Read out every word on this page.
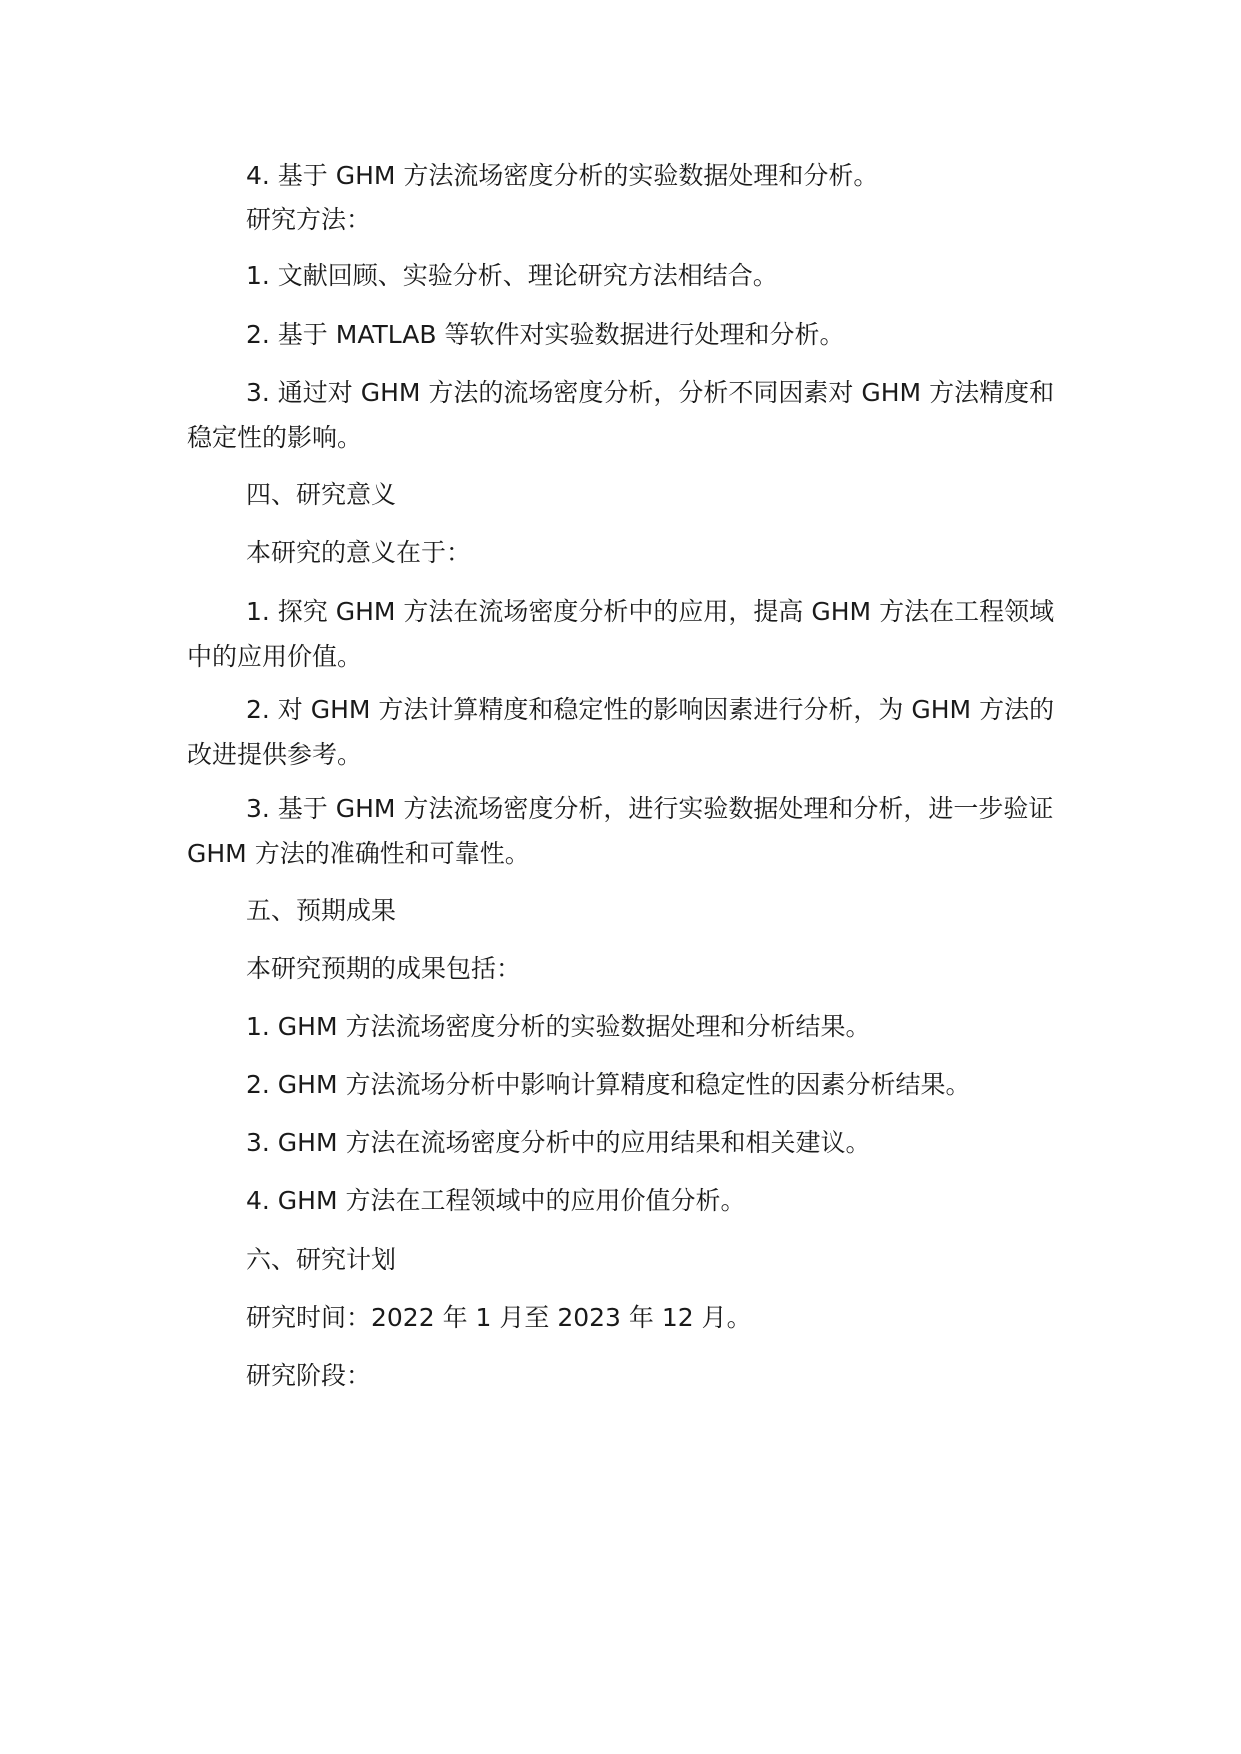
4. 基于 GHM 方法流场密度分析的实验数据处理和分析。

研究方法：

1. 文献回顾、实验分析、理论研究方法相结合。

2. 基于 MATLAB 等软件对实验数据进行处理和分析。

3. 通过对 GHM 方法的流场密度分析，分析不同因素对 GHM 方法精度和稳定性的影响。

四、研究意义

本研究的意义在于：

1. 探究 GHM 方法在流场密度分析中的应用，提高 GHM 方法在工程领域中的应用价值。

2. 对 GHM 方法计算精度和稳定性的影响因素进行分析，为 GHM 方法的改进提供参考。

3. 基于 GHM 方法流场密度分析，进行实验数据处理和分析，进一步验证 GHM 方法的准确性和可靠性。

五、预期成果

本研究预期的成果包括：

1. GHM 方法流场密度分析的实验数据处理和分析结果。

2. GHM 方法流场分析中影响计算精度和稳定性的因素分析结果。

3. GHM 方法在流场密度分析中的应用结果和相关建议。

4. GHM 方法在工程领域中的应用价值分析。

六、研究计划

研究时间：2022 年 1 月至 2023 年 12 月。

研究阶段：
